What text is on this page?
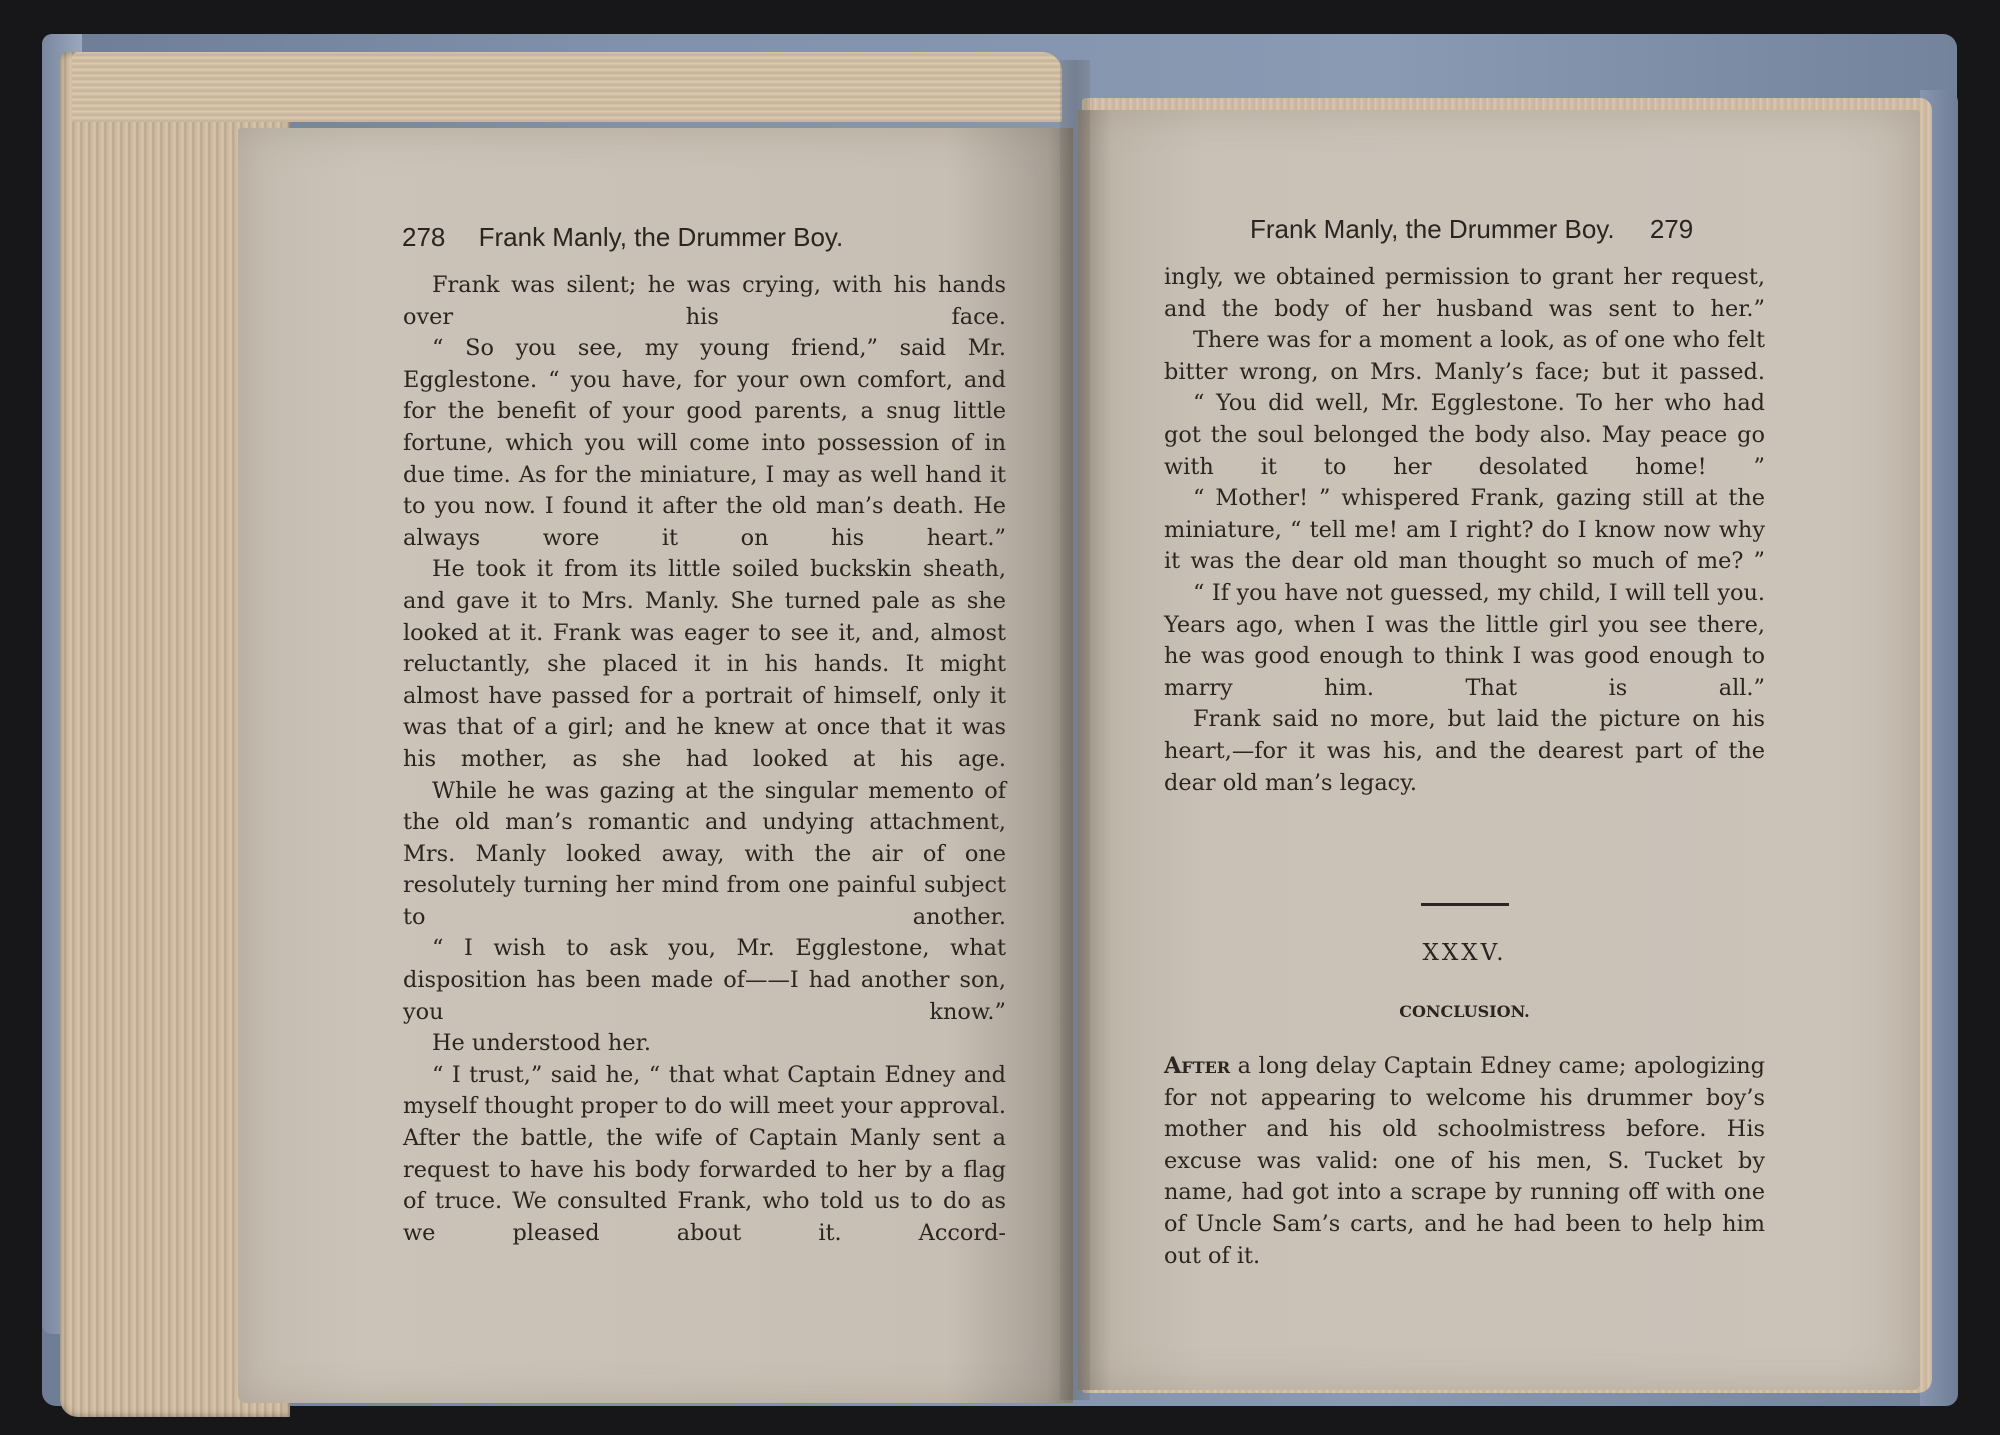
278 Frank Manly, the Drummer Boy.

Frank was silent; he was crying, with his hands over his face.

“ So you see, my young friend,” said Mr. Egglestone. “ you have, for your own comfort, and for the benefit of your good parents, a snug little fortune, which you will come into possession of in due time. As for the miniature, I may as well hand it to you now. I found it after the old man’s death. He always wore it on his heart.”

He took it from its little soiled buckskin sheath, and gave it to Mrs. Manly. She turned pale as she looked at it. Frank was eager to see it, and, almost reluctantly, she placed it in his hands. It might almost have passed for a portrait of himself, only it was that of a girl; and he knew at once that it was his mother, as she had looked at his age.

While he was gazing at the singular memento of the old man’s romantic and undying attachment, Mrs. Manly looked away, with the air of one resolutely turning her mind from one painful subject to another.

“ I wish to ask you, Mr. Egglestone, what disposition has been made of——I had another son, you know.”

He understood her.

“ I trust,” said he, “ that what Captain Edney and myself thought proper to do will meet your approval. After the battle, the wife of Captain Manly sent a request to have his body forwarded to her by a flag of truce. We consulted Frank, who told us to do as we pleased about it. Accord-

Frank Manly, the Drummer Boy. 279

ingly, we obtained permission to grant her request, and the body of her husband was sent to her.”

There was for a moment a look, as of one who felt bitter wrong, on Mrs. Manly’s face; but it passed.

“ You did well, Mr. Egglestone. To her who had got the soul belonged the body also. May peace go with it to her desolated home! ”

“ Mother! ” whispered Frank, gazing still at the miniature, “ tell me! am I right? do I know now why it was the dear old man thought so much of me? ”

“ If you have not guessed, my child, I will tell you. Years ago, when I was the little girl you see there, he was good enough to think I was good enough to marry him. That is all.”

Frank said no more, but laid the picture on his heart,—for it was his, and the dearest part of the dear old man’s legacy.

XXXV.
CONCLUSION.

After a long delay Captain Edney came; apologizing for not appearing to welcome his drummer boy’s mother and his old schoolmistress before. His excuse was valid: one of his men, S. Tucket by name, had got into a scrape by running off with one of Uncle Sam’s carts, and he had been to help him out of it.
